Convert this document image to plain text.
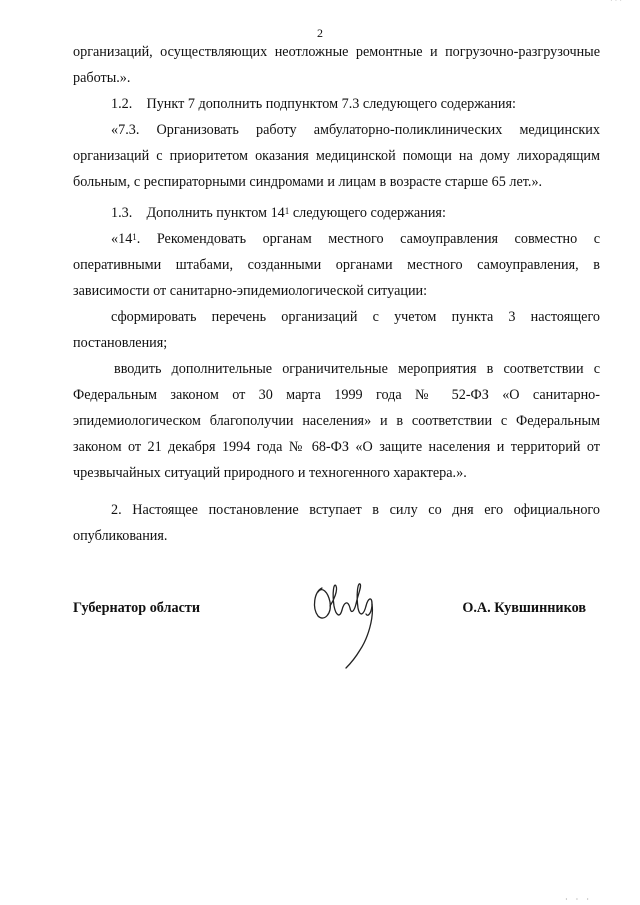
2

организаций, осуществляющих неотложные ремонтные и погрузочно-разгрузочные работы.».

1.2.    Пункт 7 дополнить подпунктом 7.3 следующего содержания:

«7.3. Организовать работу амбулаторно-поликлинических медицинских организаций с приоритетом оказания медицинской помощи на дому лихорадящим больным, с респираторными синдромами и лицам в возрасте старше 65 лет.».

1.3.    Дополнить пунктом $14^1$ следующего содержания:

«$14^1$. Рекомендовать органам местного самоуправления совместно с оперативными штабами, созданными органами местного самоуправления, в зависимости от санитарно-эпидемиологической ситуации:

сформировать перечень организаций с учетом пункта 3 настоящего постановления;

вводить дополнительные ограничительные мероприятия в соответствии с Федеральным законом от 30 марта 1999 года № 52-ФЗ «О санитарно-эпидемиологическом благополучии населения» и в соответствии с Федеральным законом от 21 декабря 1994 года № 68-ФЗ «О защите населения и территорий от чрезвычайных ситуаций природного и техногенного характера.».

2. Настоящее постановление вступает в силу со дня его официального опубликования.

Губернатор области	О.А. Кувшинников
· · ·
· · ·
